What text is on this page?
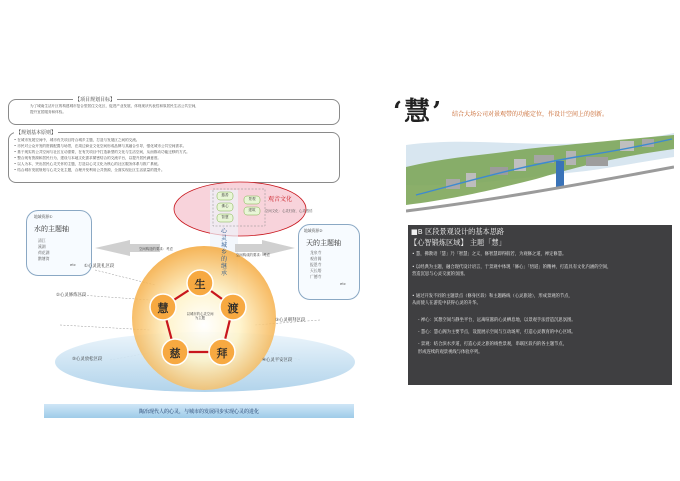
【 项目规划目标 】
为了城南生活片区的构建城市复合型居住文化区，促进产业发展，体现现状代表性和原居民生活公共空间，
提升宜居服务和体验。
【 规划基本原则 】
• 在城市发展空间中，城市有关项目符合城乡主题，打造与发展区之间的交流。
• 市民对公众开发的资源配置与场景，在周边商业文化空间形成品牌与其融合引导，强化城市公共空间需求。
• 基于现实的公共空间与社区互动需要，在有关项目中打造新型的文化与生活空间，从而推动功能迁移的方式。
• 整合现有资源和居民行为，建设与本地文化需求紧密结合的交流平台，以提升居民满意度。
• 以人为本，突出居民心灵关怀的主题，打造以心灵文化为核心的社区服务体系与推广系统。
• 结合城市发展规划与心灵文化主题，合理开发利用公共资源，全面实现社区生活质量的提升。
观音文化
慈善
佛心
智慧
建筑
景观
空间文化：心灵归宿，心灵感悟
心灵城乡的继承
空间构造的要求：考虑
空间构成的要求：考虑
地域资源①
水的主题轴
清江
溪湖
荷花湖
鹅塘湾
etc
地域资源②
天的主题轴
龙泉寺
观音阁
报恩寺
天长塔
广德寺
etc
生
渡
拜
慈
慧	以城市的心灵空间为主题
①心灵洗礼区段
②心灵修炼区段
③心灵朝拜区段
④心灵平安区段
⑤心灵放松区段
陶冶现代人的心灵，与城市的发展同步实现心灵的进化
‘慧’ 结合大场公司对景观带的功能定位，作设计空间上的创新。
■B 区段景观设计的基本思路
【心智锻炼区域】 主题「慧」
• 慧，佛教语「慧」乃「智慧」之义，修智慧即得般若，为观修之道，禅定修慧。
• 以经典为主题，融合现代设计语言，于景观中体现「修心」「悟道」的精神，打造具有文化内涵的空间，
营造沉思与心灵交流的氛围。
• 通过开发不同的主题景点（修身区段）和主题路线（心灵旅途），形成景观的节点，
从而使人在游览中获得心灵的升华。
- 禅心：冥想空间与静坐平台，远离喧嚣的心灵栖息地，以景观手法营造沉思氛围。
- 慧心：慧心阁为主要节点，设置展示空间与互动场所，打造心灵教育的中心区域。
- 景观：结合滨水步道，打造心灵之旅的线性景观，串联区段内的各主题节点，
形成连续的观景视线与体验序列。
